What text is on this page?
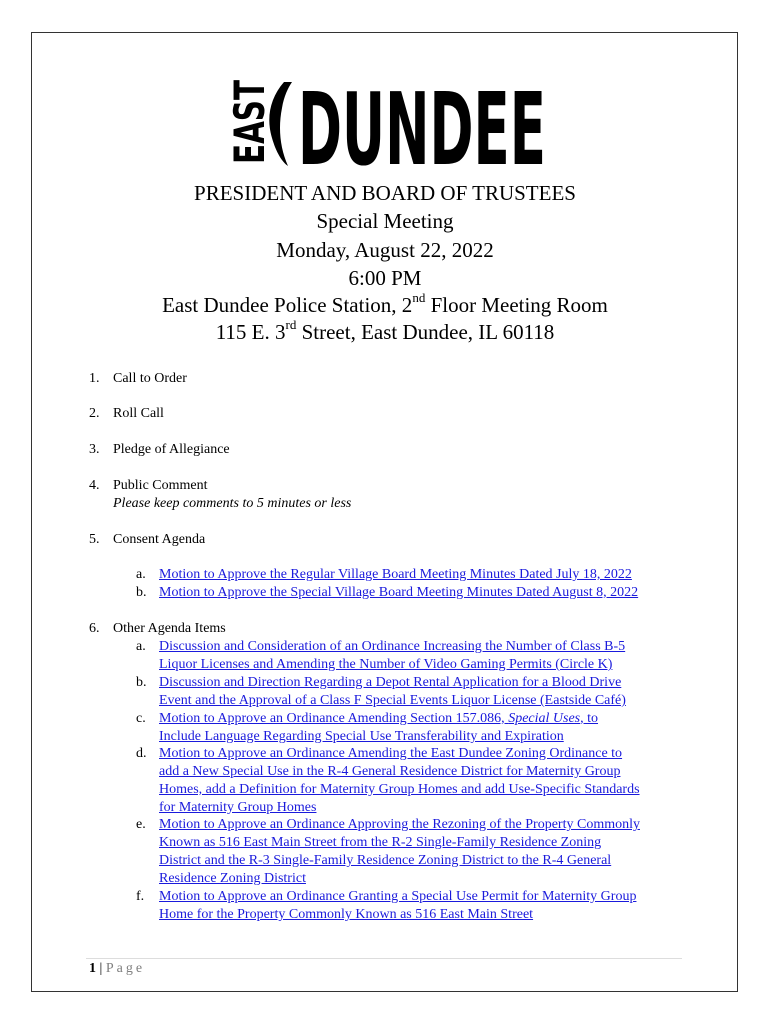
EAST DUNDEE
PRESIDENT AND BOARD OF TRUSTEES
Special Meeting
Monday, August 22, 2022
6:00 PM
East Dundee Police Station, 2nd Floor Meeting Room
115 E. 3rd Street, East Dundee, IL 60118
1. Call to Order
2. Roll Call
3. Pledge of Allegiance
4. Public Comment
Please keep comments to 5 minutes or less
5. Consent Agenda
a. Motion to Approve the Regular Village Board Meeting Minutes Dated July 18, 2022
b. Motion to Approve the Special Village Board Meeting Minutes Dated August 8, 2022
6. Other Agenda Items
a. Discussion and Consideration of an Ordinance Increasing the Number of Class B-5
Liquor Licenses and Amending the Number of Video Gaming Permits (Circle K)
b. Discussion and Direction Regarding a Depot Rental Application for a Blood Drive
Event and the Approval of a Class F Special Events Liquor License (Eastside Café)
c. Motion to Approve an Ordinance Amending Section 157.086, Special Uses, to
Include Language Regarding Special Use Transferability and Expiration
d. Motion to Approve an Ordinance Amending the East Dundee Zoning Ordinance to
add a New Special Use in the R-4 General Residence District for Maternity Group
Homes, add a Definition for Maternity Group Homes and add Use-Specific Standards
for Maternity Group Homes
e. Motion to Approve an Ordinance Approving the Rezoning of the Property Commonly
Known as 516 East Main Street from the R-2 Single-Family Residence Zoning
District and the R-3 Single-Family Residence Zoning District to the R-4 General
Residence Zoning District
f. Motion to Approve an Ordinance Granting a Special Use Permit for Maternity Group
Home for the Property Commonly Known as 516 East Main Street
1 | Page
